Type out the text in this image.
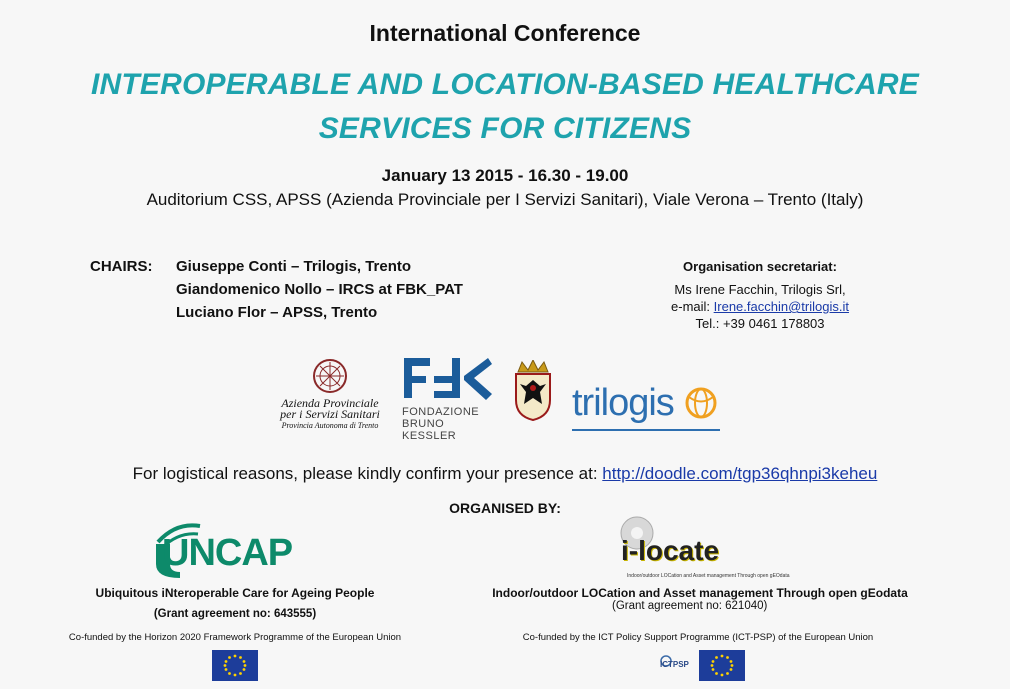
International Conference
INTEROPERABLE AND LOCATION-BASED HEALTHCARE
SERVICES FOR CITIZENS
January 13 2015 - 16.30 - 19.00
Auditorium CSS, APSS (Azienda Provinciale per I Servizi Sanitari), Viale Verona – Trento (Italy)
CHAIRS: Giuseppe Conti – Trilogis, Trento
Giandomenico Nollo – IRCS at FBK_PAT
Luciano Flor – APSS, Trento
Organisation secretariat:
Ms Irene Facchin, Trilogis Srl,
e-mail: Irene.facchin@trilogis.it
Tel.: +39 0461 178803
Azienda Provinciale
per i Servizi Sanitari
Provincia Autonoma di Trento
FONDAZIONE
BRUNO KESSLER
trilogis
For logistical reasons, please kindly confirm your presence at: http://doodle.com/tgp36qhnpi3keheu
ORGANISED BY:
UNCAP
Ubiquitous iNteroperable Care for Ageing People
(Grant agreement no: 643555)
Co-funded by the Horizon 2020 Framework Programme of the European Union
i-locate
Indoor/outdoor LOCation and Asset management Through open gEOdata
Indoor/outdoor LOCation and Asset management Through open gEodata
(Grant agreement no: 621040)
Co-funded by the ICT Policy Support Programme (ICT-PSP) of the European Union
ICTPSP
